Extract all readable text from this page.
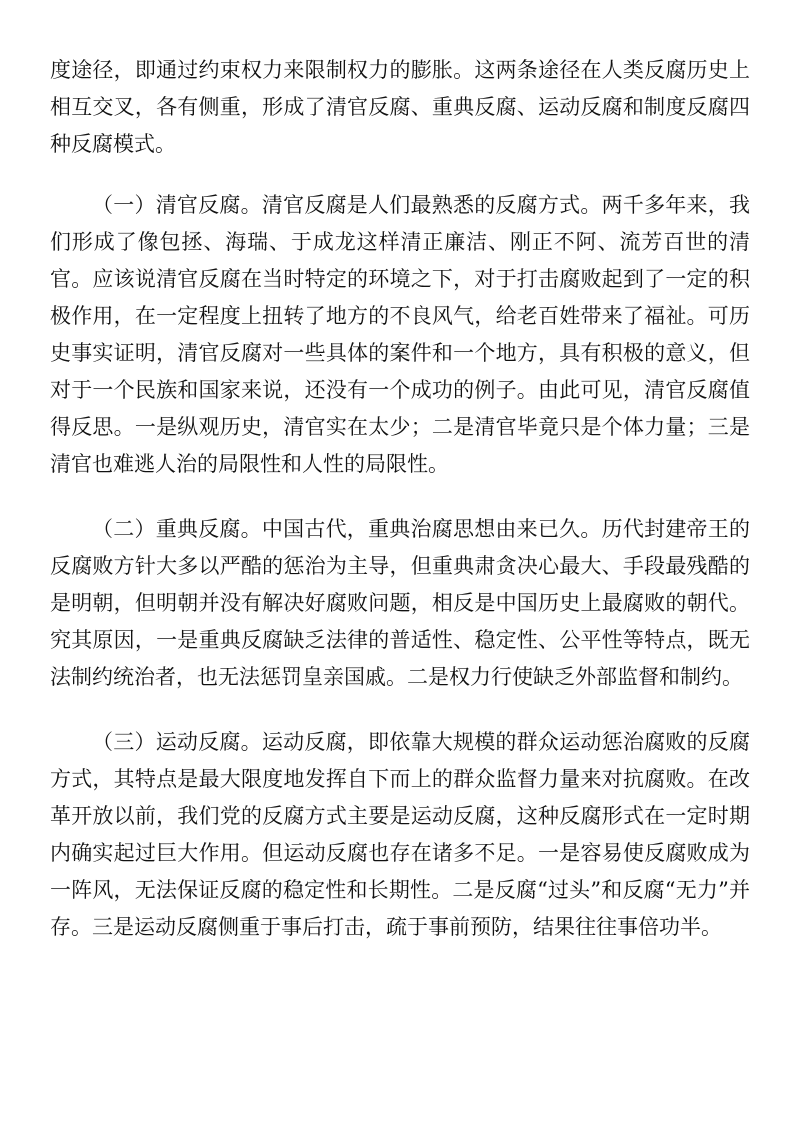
度途径，即通过约束权力来限制权力的膨胀。这两条途径在人类反腐历史上相互交叉，各有侧重，形成了清官反腐、重典反腐、运动反腐和制度反腐四种反腐模式。

（一）清官反腐。清官反腐是人们最熟悉的反腐方式。两千多年来，我们形成了像包拯、海瑞、于成龙这样清正廉洁、刚正不阿、流芳百世的清官。应该说清官反腐在当时特定的环境之下，对于打击腐败起到了一定的积极作用，在一定程度上扭转了地方的不良风气，给老百姓带来了福祉。可历史事实证明，清官反腐对一些具体的案件和一个地方，具有积极的意义，但对于一个民族和国家来说，还没有一个成功的例子。由此可见，清官反腐值得反思。一是纵观历史，清官实在太少；二是清官毕竟只是个体力量；三是清官也难逃人治的局限性和人性的局限性。

（二）重典反腐。中国古代，重典治腐思想由来已久。历代封建帝王的反腐败方针大多以严酷的惩治为主导，但重典肃贪决心最大、手段最残酷的是明朝，但明朝并没有解决好腐败问题，相反是中国历史上最腐败的朝代。究其原因，一是重典反腐缺乏法律的普适性、稳定性、公平性等特点，既无法制约统治者，也无法惩罚皇亲国戚。二是权力行使缺乏外部监督和制约。

（三）运动反腐。运动反腐，即依靠大规模的群众运动惩治腐败的反腐方式，其特点是最大限度地发挥自下而上的群众监督力量来对抗腐败。在改革开放以前，我们党的反腐方式主要是运动反腐，这种反腐形式在一定时期内确实起过巨大作用。但运动反腐也存在诸多不足。一是容易使反腐败成为一阵风，无法保证反腐的稳定性和长期性。二是反腐“过头”和反腐“无力”并存。三是运动反腐侧重于事后打击，疏于事前预防，结果往往事倍功半。
